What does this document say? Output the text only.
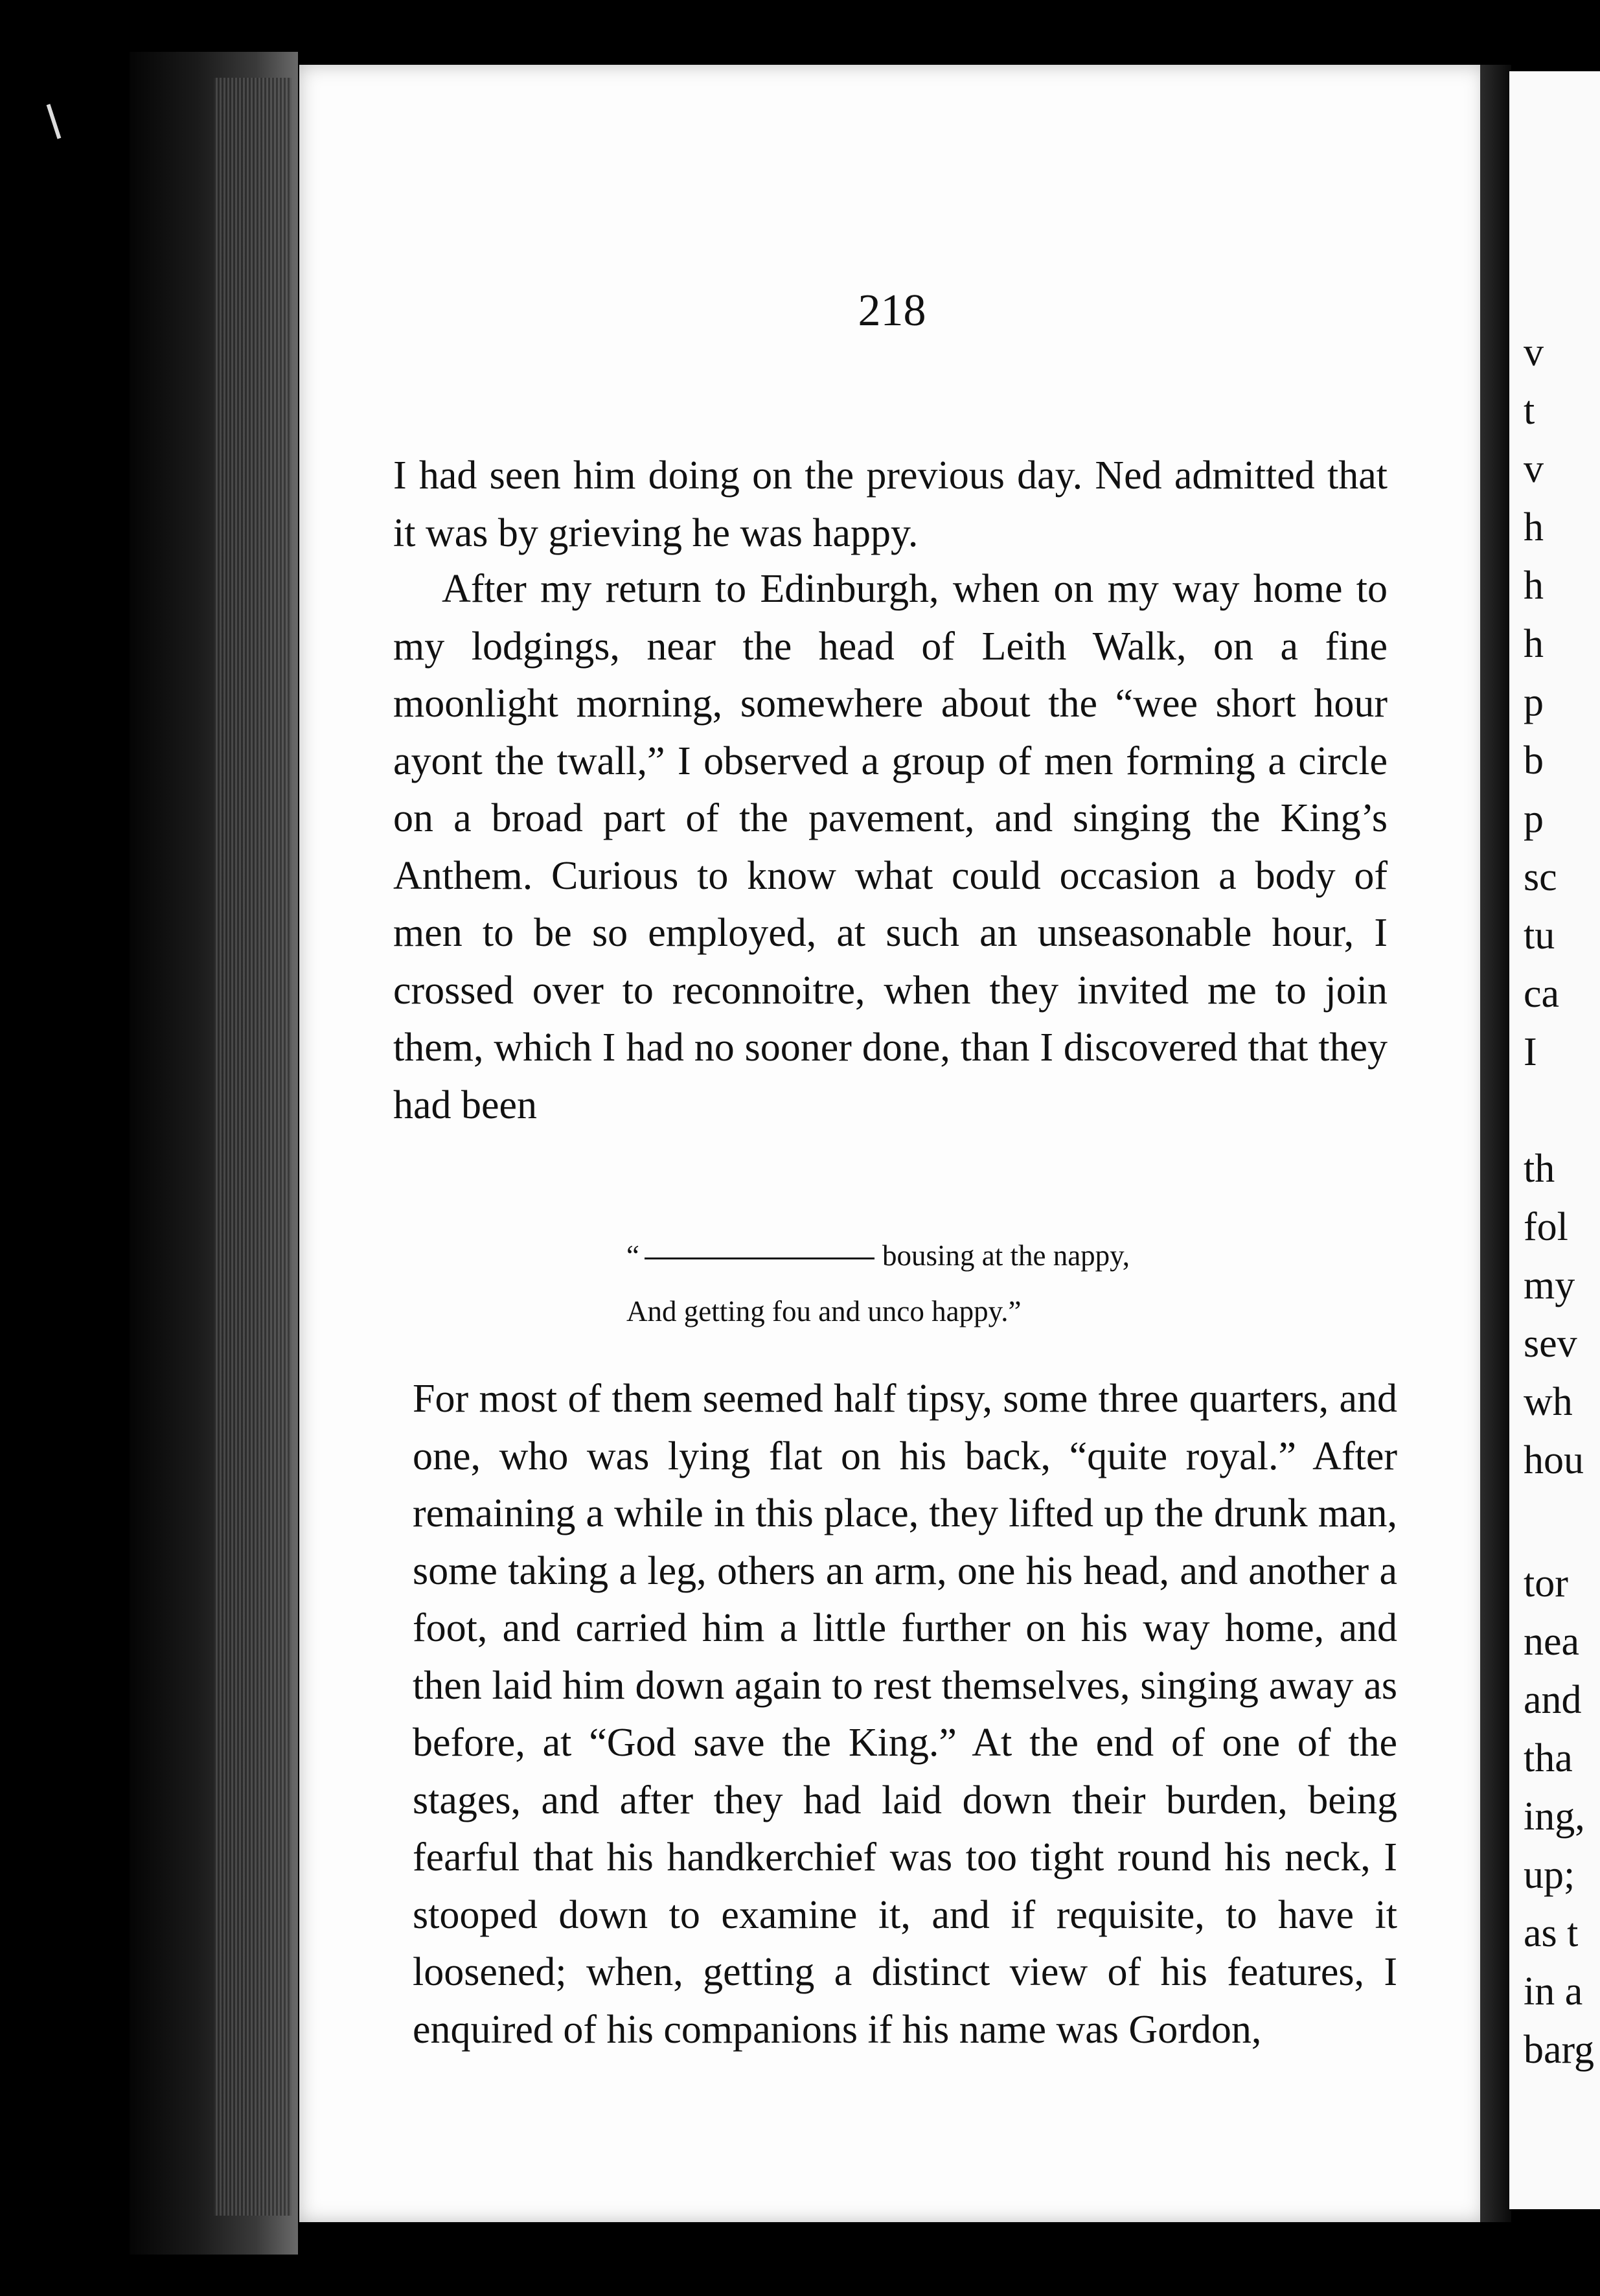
218
I had seen him doing on the previous day. Ned admitted that it was by grieving he was happy.
After my return to Edinburgh, when on my way home to my lodgings, near the head of Leith Walk, on a fine moonlight morning, somewhere about the “wee short hour ayont the twall,” I observed a group of men forming a circle on a broad part of the pavement, and singing the King’s Anthem. Curious to know what could occasion a body of men to be so employed, at such an unseasonable hour, I crossed over to reconnoitre, when they invited me to join them, which I had no sooner done, than I discovered that they had been
“	bousing at the nappy,
And getting fou and unco happy.”
For most of them seemed half tipsy, some three quarters, and one, who was lying flat on his back, “quite royal.” After remaining a while in this place, they lifted up the drunk man, some taking a leg, others an arm, one his head, and another a foot, and carried him a little further on his way home, and then laid him down again to rest themselves, singing away as before, at “God save the King.” At the end of one of the stages, and after they had laid down their burden, being fearful that his handkerchief was too tight round his neck, I stooped down to examine it, and if requisite, to have it loosened; when, getting a distinct view of his features, I enquired of his companions if his name was Gordon,
v
t
v
h
h
h
p
b
p
sc
tu
ca
I
th
fol
my
sev
wh
hou
tor
nea
and
tha
ing,
up;
as t
in a
barg
